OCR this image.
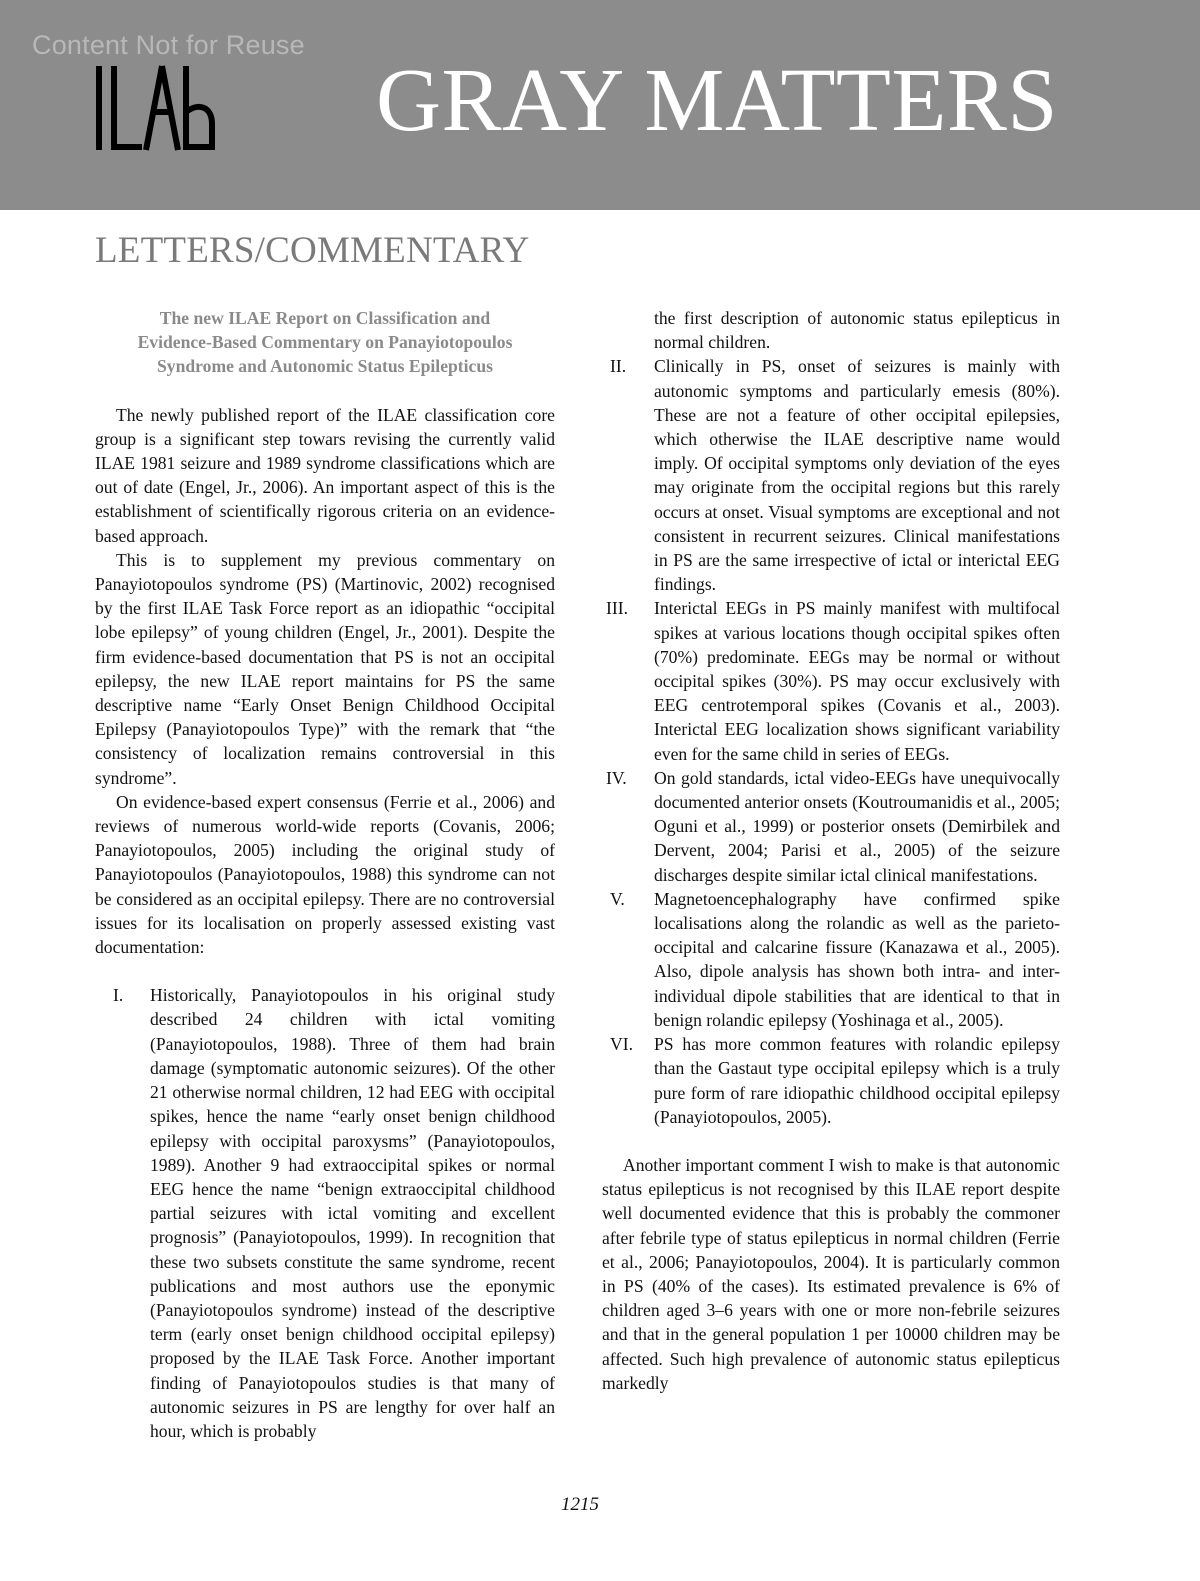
Content Not for Reuse
GRAY MATTERS
LETTERS/COMMENTARY
The new ILAE Report on Classification and
Evidence-Based Commentary on Panayiotopoulos
Syndrome and Autonomic Status Epilepticus

The newly published report of the ILAE classification core group is a significant step towars revising the currently valid ILAE 1981 seizure and 1989 syndrome classifications which are out of date (Engel, Jr., 2006). An important aspect of this is the establishment of scientifically rigorous criteria on an evidence-based approach.

This is to supplement my previous commentary on Panayiotopoulos syndrome (PS) (Martinovic, 2002) recognised by the first ILAE Task Force report as an idiopathic “occipital lobe epilepsy” of young children (Engel, Jr., 2001). Despite the firm evidence-based documentation that PS is not an occipital epilepsy, the new ILAE report maintains for PS the same descriptive name “Early Onset Benign Childhood Occipital Epilepsy (Panayiotopoulos Type)” with the remark that “the consistency of localization remains controversial in this syndrome”.

On evidence-based expert consensus (Ferrie et al., 2006) and reviews of numerous world-wide reports (Covanis, 2006; Panayiotopoulos, 2005) including the original study of Panayiotopoulos (Panayiotopoulos, 1988) this syndrome can not be considered as an occipital epilepsy. There are no controversial issues for its localisation on properly assessed existing vast documentation:

I.	Historically, Panayiotopoulos in his original study described 24 children with ictal vomiting (Panayiotopoulos, 1988). Three of them had brain damage (symptomatic autonomic seizures). Of the other 21 otherwise normal children, 12 had EEG with occipital spikes, hence the name “early onset benign childhood epilepsy with occipital paroxysms” (Panayiotopoulos, 1989). Another 9 had extraoccipital spikes or normal EEG hence the name “benign extraoccipital childhood partial seizures with ictal vomiting and excellent prognosis” (Panayiotopoulos, 1999). In recognition that these two subsets constitute the same syndrome, recent publications and most authors use the eponymic (Panayiotopoulos syndrome) instead of the descriptive term (early onset benign childhood occipital epilepsy) proposed by the ILAE Task Force. Another important finding of Panayiotopoulos studies is that many of autonomic seizures in PS are lengthy for over half an hour, which is probably
the first description of autonomic status epilepticus in normal children.
II.	Clinically in PS, onset of seizures is mainly with autonomic symptoms and particularly emesis (80%). These are not a feature of other occipital epilepsies, which otherwise the ILAE descriptive name would imply. Of occipital symptoms only deviation of the eyes may originate from the occipital regions but this rarely occurs at onset. Visual symptoms are exceptional and not consistent in recurrent seizures. Clinical manifestations in PS are the same irrespective of ictal or interictal EEG findings.
III.	Interictal EEGs in PS mainly manifest with multifocal spikes at various locations though occipital spikes often (70%) predominate. EEGs may be normal or without occipital spikes (30%). PS may occur exclusively with EEG centrotemporal spikes (Covanis et al., 2003). Interictal EEG localization shows significant variability even for the same child in series of EEGs.
IV.	On gold standards, ictal video-EEGs have unequivocally documented anterior onsets (Koutroumanidis et al., 2005; Oguni et al., 1999) or posterior onsets (Demirbilek and Dervent, 2004; Parisi et al., 2005) of the seizure discharges despite similar ictal clinical manifestations.
V.	Magnetoencephalography have confirmed spike localisations along the rolandic as well as the parieto-occipital and calcarine fissure (Kanazawa et al., 2005). Also, dipole analysis has shown both intra- and inter-individual dipole stabilities that are identical to that in benign rolandic epilepsy (Yoshinaga et al., 2005).
VI.	PS has more common features with rolandic epilepsy than the Gastaut type occipital epilepsy which is a truly pure form of rare idiopathic childhood occipital epilepsy (Panayiotopoulos, 2005).

Another important comment I wish to make is that autonomic status epilepticus is not recognised by this ILAE report despite well documented evidence that this is probably the commoner after febrile type of status epilepticus in normal children (Ferrie et al., 2006; Panayiotopoulos, 2004). It is particularly common in PS (40% of the cases). Its estimated prevalence is 6% of children aged 3–6 years with one or more non-febrile seizures and that in the general population 1 per 10000 children may be affected. Such high prevalence of autonomic status epilepticus markedly

1215
